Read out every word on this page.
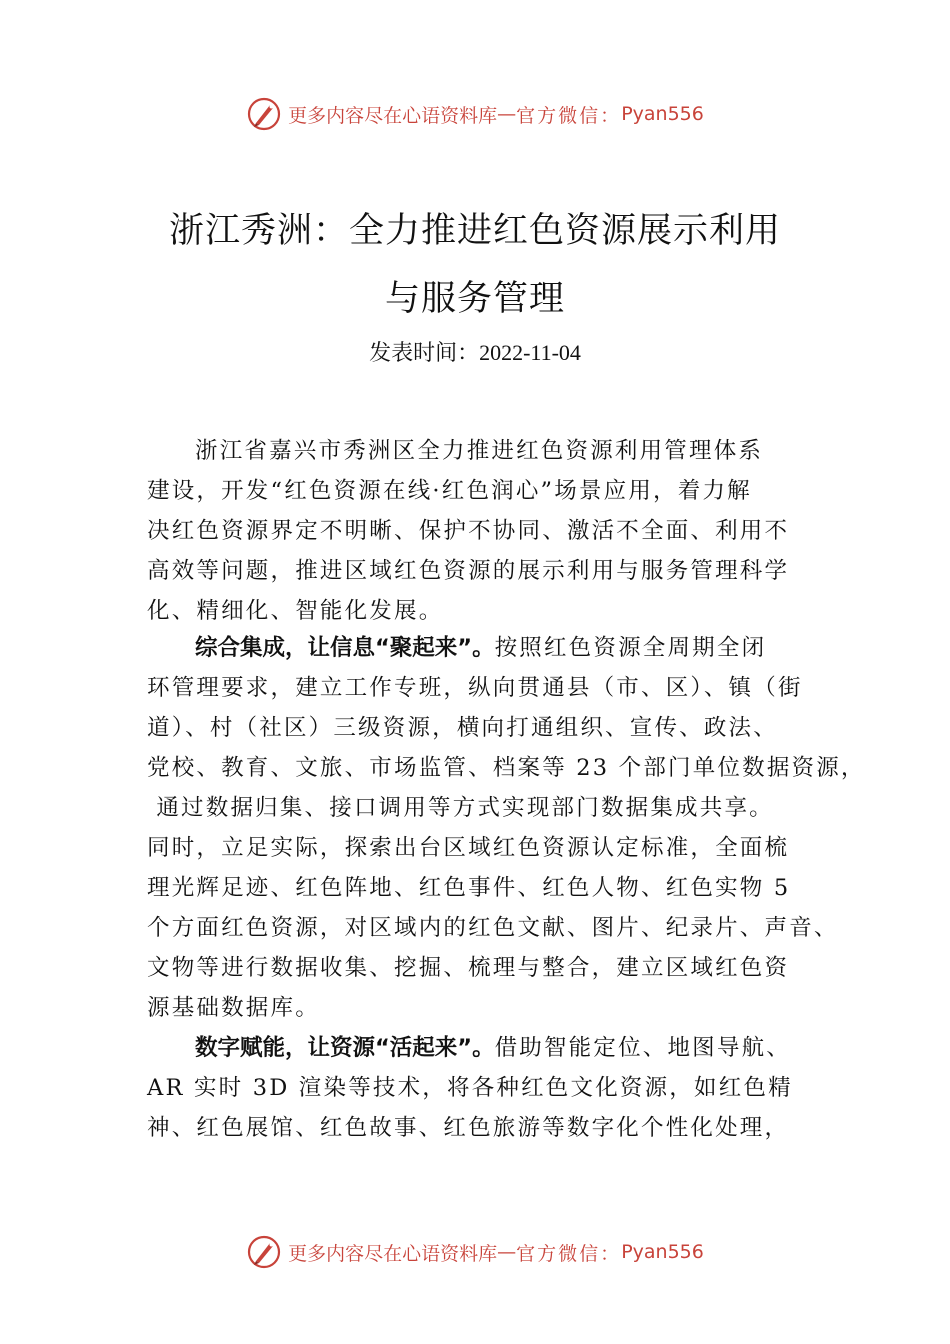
更多内容尽在心语资料库 — 官方微信： Pyan556
浙江秀洲：全力推进红色资源展示利用
与服务管理
发表时间：2022-11-04
浙江省嘉兴市秀洲区全力推进红色资源利用管理体系
建设，开发“红色资源在线·红色润心”场景应用，着力解
决红色资源界定不明晰、保护不协同、激活不全面、利用不
高效等问题，推进区域红色资源的展示利用与服务管理科学
化、精细化、智能化发展。
综合集成，让信息“聚起来”。按照红色资源全周期全闭
环管理要求，建立工作专班，纵向贯通县（市、区）、镇（街
道）、村（社区）三级资源，横向打通组织、宣传、政法、
党校、教育、文旅、市场监管、档案等 23 个部门单位数据资源，
通过数据归集、接口调用等方式实现部门数据集成共享。
同时，立足实际，探索出台区域红色资源认定标准，全面梳
理光辉足迹、红色阵地、红色事件、红色人物、红色实物 5
个方面红色资源，对区域内的红色文献、图片、纪录片、声音、
文物等进行数据收集、挖掘、梳理与整合，建立区域红色资
源基础数据库。
数字赋能，让资源“活起来”。借助智能定位、地图导航、
AR 实时 3D 渲染等技术，将各种红色文化资源，如红色精
神、红色展馆、红色故事、红色旅游等数字化个性化处理，
更多内容尽在心语资料库 — 官方微信： Pyan556
